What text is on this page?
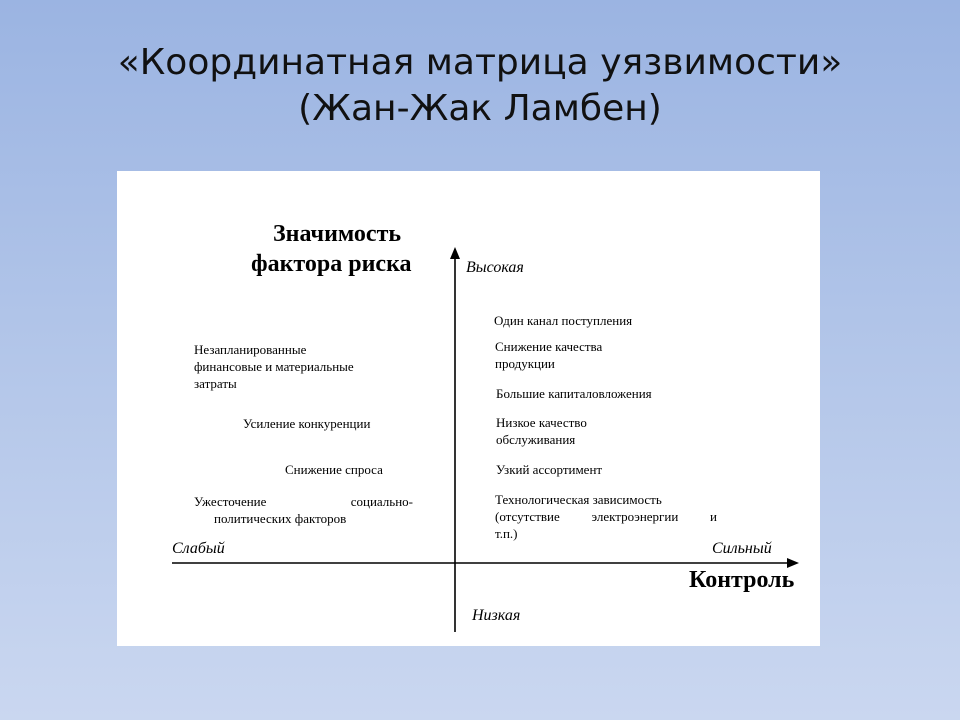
«Координатная матрица уязвимости»
(Жан-Жак Ламбен)
Значимость
фактора риска	Высокая
Низкая
Слабый	Сильный
Контроль
Незапланированные
финансовые и материальные
затраты
Усиление конкуренции
Снижение спроса
Ужесточение социально-
политических факторов
Один канал поступления
Снижение качества
продукции
Большие капиталовложения
Низкое качество
обслуживания
Узкий ассортимент
Технологическая зависимость
(отсутствие электроэнергии и
т.п.)
